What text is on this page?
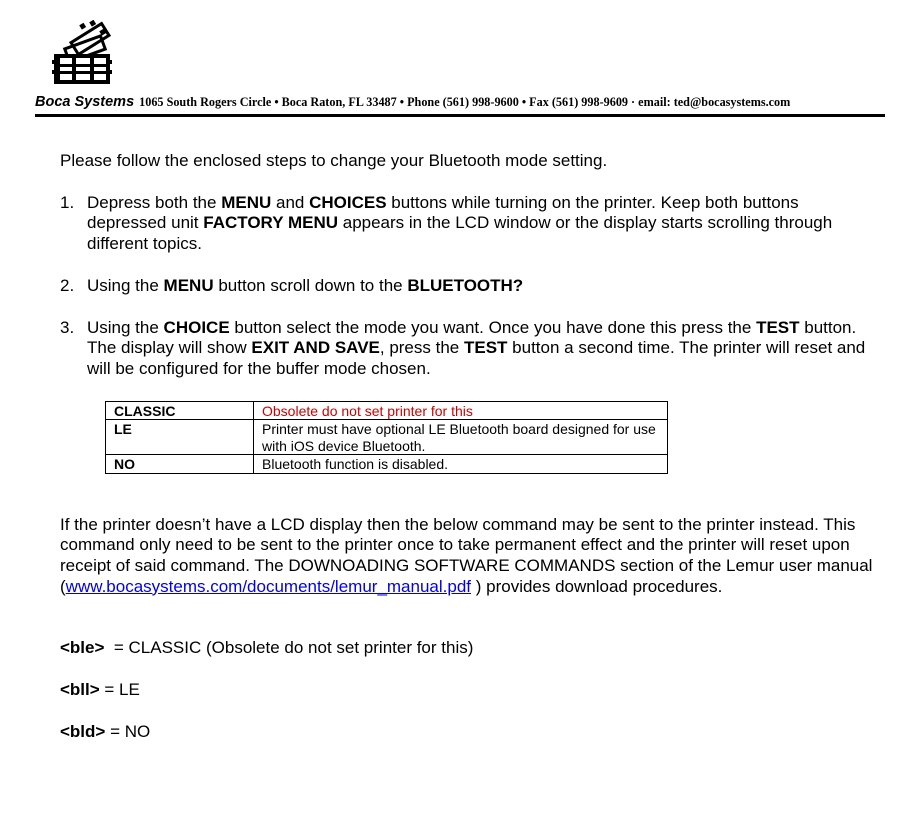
Boca Systems 1065 South Rogers Circle • Boca Raton, FL 33487 • Phone (561) 998-9600 • Fax (561) 998-9609 · email: ted@bocasystems.com

Please follow the enclosed steps to change your Bluetooth mode setting.

1. Depress both the MENU and CHOICES buttons while turning on the printer. Keep both buttons depressed unit FACTORY MENU appears in the LCD window or the display starts scrolling through different topics.
2. Using the MENU button scroll down to the BLUETOOTH?
3. Using the CHOICE button select the mode you want. Once you have done this press the TEST button. The display will show EXIT AND SAVE, press the TEST button a second time. The printer will reset and will be configured for the buffer mode chosen.
CLASSIC	Obsolete do not set printer for this
LE	Printer must have optional LE Bluetooth board designed for use with iOS device Bluetooth.
NO	Bluetooth function is disabled.

If the printer doesn’t have a LCD display then the below command may be sent to the printer instead. This command only need to be sent to the printer once to take permanent effect and the printer will reset upon receipt of said command. The DOWNOADING SOFTWARE COMMANDS section of the Lemur user manual (www.bocasystems.com/documents/lemur_manual.pdf ) provides download procedures.

<ble>  = CLASSIC (Obsolete do not set printer for this)

<bll> = LE

<bld> = NO
